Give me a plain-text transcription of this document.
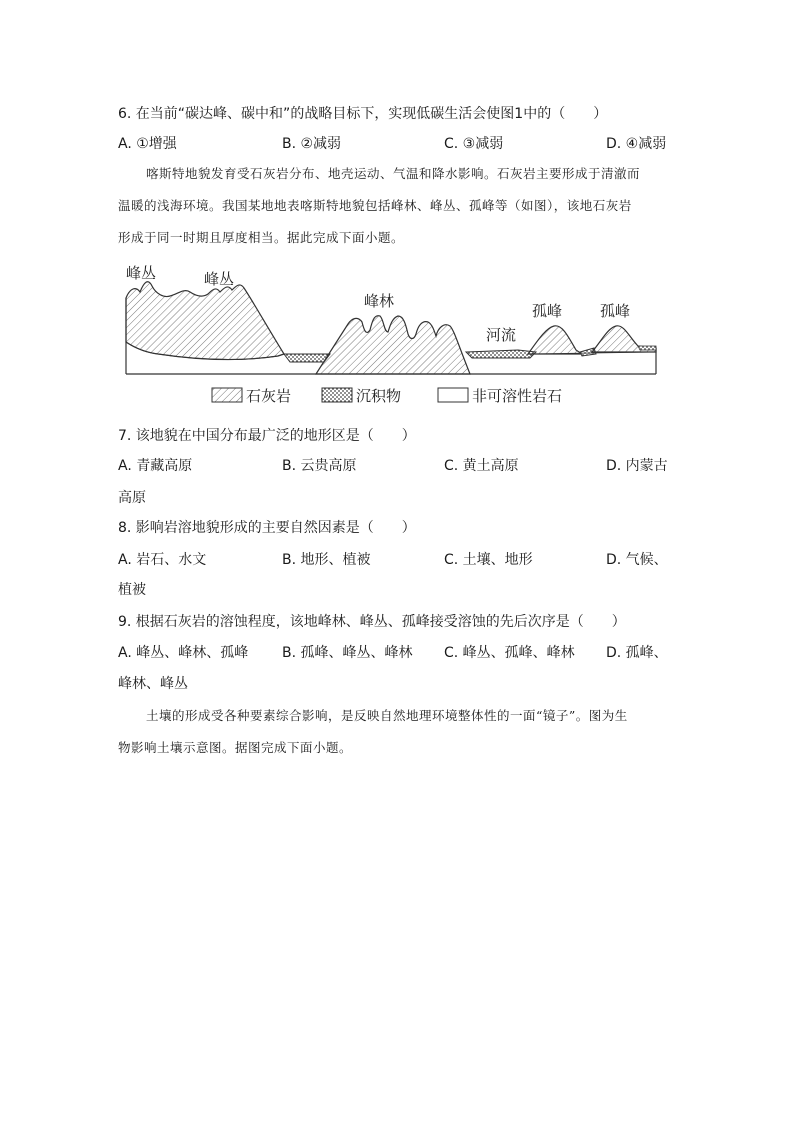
6. 在当前“碳达峰、碳中和”的战略目标下，实现低碳生活会使图1中的（　　）
A. ①增强	B. ②减弱	C. ③减弱	D. ④减弱
喀斯特地貌发育受石灰岩分布、地壳运动、气温和降水影响。石灰岩主要形成于清澈而
温暖的浅海环境。我国某地地表喀斯特地貌包括峰林、峰丛、孤峰等（如图），该地石灰岩
形成于同一时期且厚度相当。据此完成下面小题。
峰丛	峰丛
峰林
河流
孤峰	孤峰
石灰岩	沉积物	非可溶性岩石
7. 该地貌在中国分布最广泛的地形区是（　　）
A. 青藏高原	B. 云贵高原	C. 黄土高原	D. 内蒙古
高原
8. 影响岩溶地貌形成的主要自然因素是（　　）
A. 岩石、水文	B. 地形、植被	C. 土壤、地形	D. 气候、
植被
9. 根据石灰岩的溶蚀程度，该地峰林、峰丛、孤峰接受溶蚀的先后次序是（　　）
A. 峰丛、峰林、孤峰 B. 孤峰、峰丛、峰林 C. 峰丛、孤峰、峰林 D. 孤峰、
峰林、峰丛
土壤的形成受各种要素综合影响，是反映自然地理环境整体性的一面“镜子”。图为生
物影响土壤示意图。据图完成下面小题。
